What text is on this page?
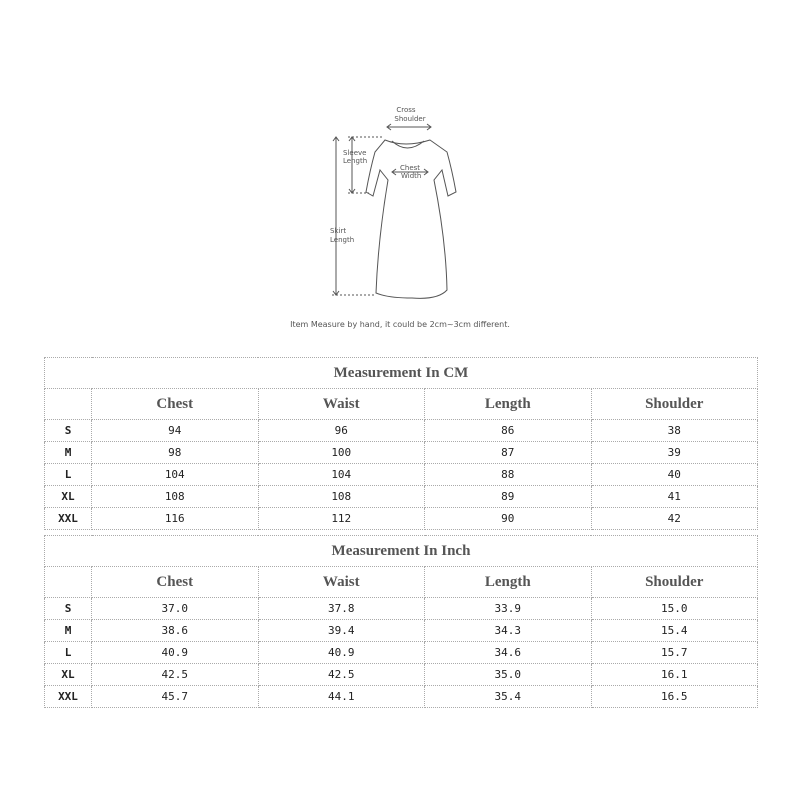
Cross
Shoulder
Sleeve
Length
Chest
Width
Skirt
Length
Item Measure by hand, it could be 2cm~3cm different.
Measurement In CM				
	Chest	Waist	Length	Shoulder
S	94	96	86	38
M	98	100	87	39
L	104	104	88	40
XL	108	108	89	41
XXL	116	112	90	42
Measurement In Inch				
	Chest	Waist	Length	Shoulder
S	37.0	37.8	33.9	15.0
M	38.6	39.4	34.3	15.4
L	40.9	40.9	34.6	15.7
XL	42.5	42.5	35.0	16.1
XXL	45.7	44.1	35.4	16.5
